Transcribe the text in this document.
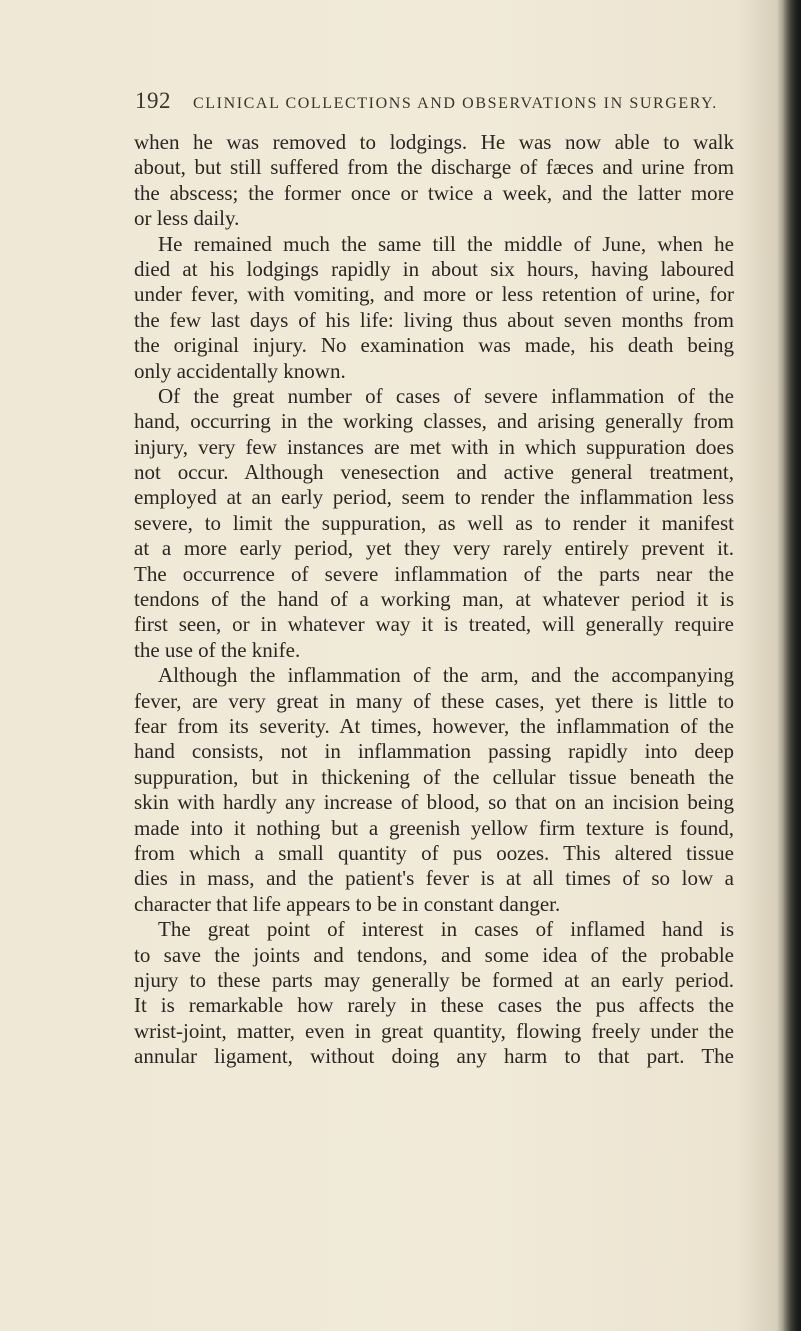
192 CLINICAL COLLECTIONS AND OBSERVATIONS IN SURGERY.
when he was removed to lodgings. He was now able to walk
about, but still suffered from the discharge of fæces and urine from
the abscess; the former once or twice a week, and the latter more
or less daily.
He remained much the same till the middle of June, when he
died at his lodgings rapidly in about six hours, having laboured
under fever, with vomiting, and more or less retention of urine, for
the few last days of his life: living thus about seven months from
the original injury. No examination was made, his death being
only accidentally known.
Of the great number of cases of severe inflammation of the
hand, occurring in the working classes, and arising generally from
injury, very few instances are met with in which suppuration does
not occur. Although venesection and active general treatment,
employed at an early period, seem to render the inflammation less
severe, to limit the suppuration, as well as to render it manifest
at a more early period, yet they very rarely entirely prevent it.
The occurrence of severe inflammation of the parts near the
tendons of the hand of a working man, at whatever period it is
first seen, or in whatever way it is treated, will generally require
the use of the knife.
Although the inflammation of the arm, and the accompanying
fever, are very great in many of these cases, yet there is little to
fear from its severity. At times, however, the inflammation of the
hand consists, not in inflammation passing rapidly into deep
suppuration, but in thickening of the cellular tissue beneath the
skin with hardly any increase of blood, so that on an incision being
made into it nothing but a greenish yellow firm texture is found,
from which a small quantity of pus oozes. This altered tissue
dies in mass, and the patient's fever is at all times of so low a
character that life appears to be in constant danger.
The great point of interest in cases of inflamed hand is
to save the joints and tendons, and some idea of the probable
njury to these parts may generally be formed at an early period.
It is remarkable how rarely in these cases the pus affects the
wrist-joint, matter, even in great quantity, flowing freely under the
annular ligament, without doing any harm to that part. The
